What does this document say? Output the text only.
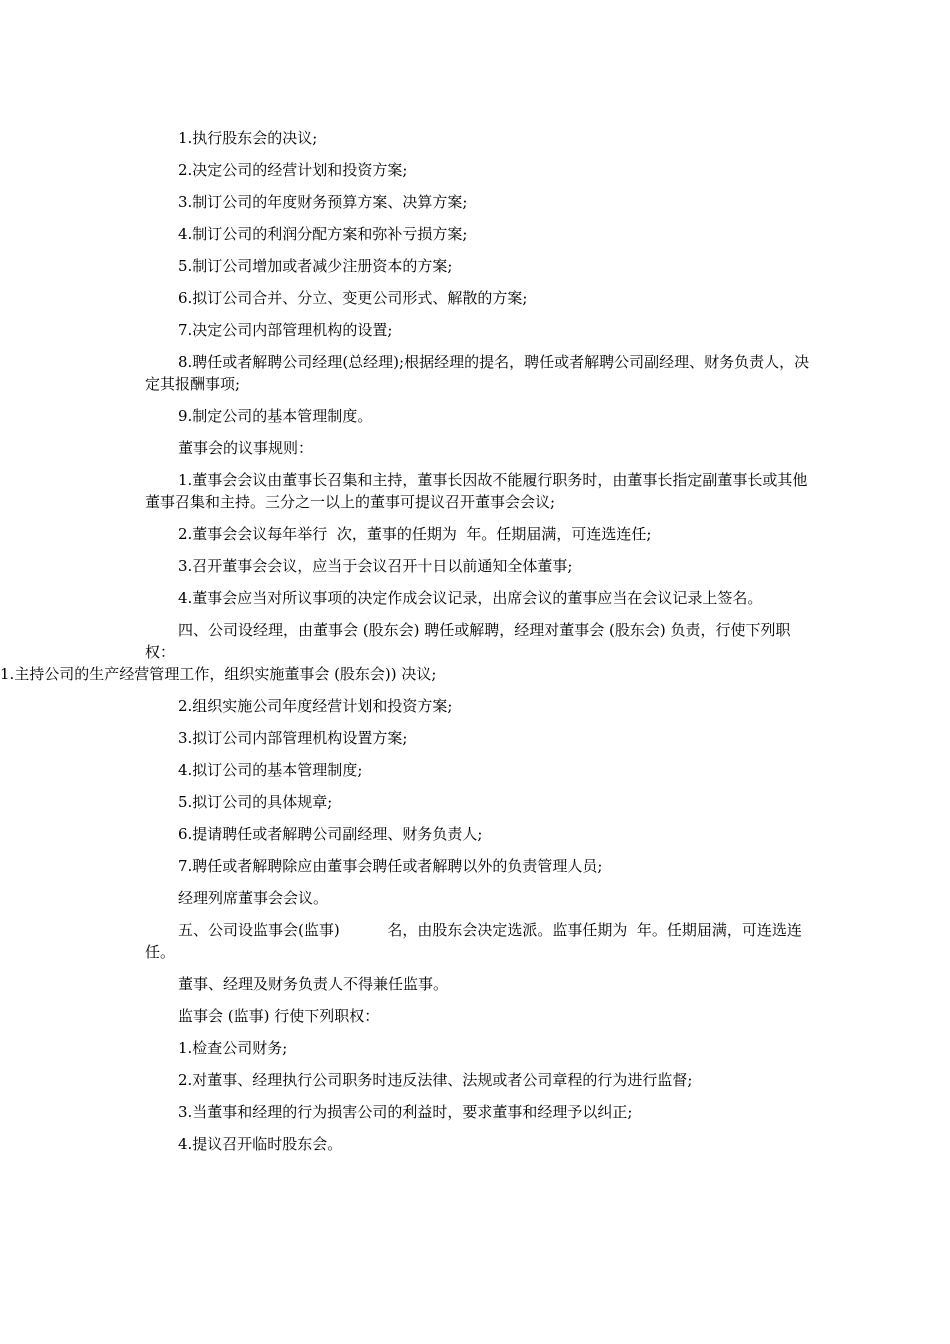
1.执行股东会的决议;

2.决定公司的经营计划和投资方案;

3.制订公司的年度财务预算方案、决算方案;

4.制订公司的利润分配方案和弥补亏损方案;

5.制订公司增加或者减少注册资本的方案;

6.拟订公司合并、分立、变更公司形式、解散的方案;

7.决定公司内部管理机构的设置;

8.聘任或者解聘公司经理(总经理);根据经理的提名，聘任或者解聘公司副经理、财务负责人，决定其报酬事项;

9.制定公司的基本管理制度。

董事会的议事规则：

1.董事会会议由董事长召集和主持，董事长因故不能履行职务时，由董事长指定副董事长或其他董事召集和主持。三分之一以上的董事可提议召开董事会会议;

2.董事会会议每年举行  次，董事的任期为  年。任期届满，可连选连任;

3.召开董事会会议，应当于会议召开十日以前通知全体董事;

4.董事会应当对所议事项的决定作成会议记录，出席会议的董事应当在会议记录上签名。

四、公司设经理，由董事会 (股东会) 聘任或解聘，经理对董事会 (股东会) 负责，行使下列职权：

1.主持公司的生产经营管理工作，组织实施董事会 (股东会)) 决议;

2.组织实施公司年度经营计划和投资方案;

3.拟订公司内部管理机构设置方案;

4.拟订公司的基本管理制度;

5.拟订公司的具体规章;

6.提请聘任或者解聘公司副经理、财务负责人;

7.聘任或者解聘除应由董事会聘任或者解聘以外的负责管理人员;

经理列席董事会会议。

五、公司设监事会(监事)          名，由股东会决定选派。监事任期为  年。任期届满，可连选连任。

董事、经理及财务负责人不得兼任监事。

监事会 (监事) 行使下列职权：

1.检查公司财务;

2.对董事、经理执行公司职务时违反法律、法规或者公司章程的行为进行监督;

3.当董事和经理的行为损害公司的利益时，要求董事和经理予以纠正;

4.提议召开临时股东会。
